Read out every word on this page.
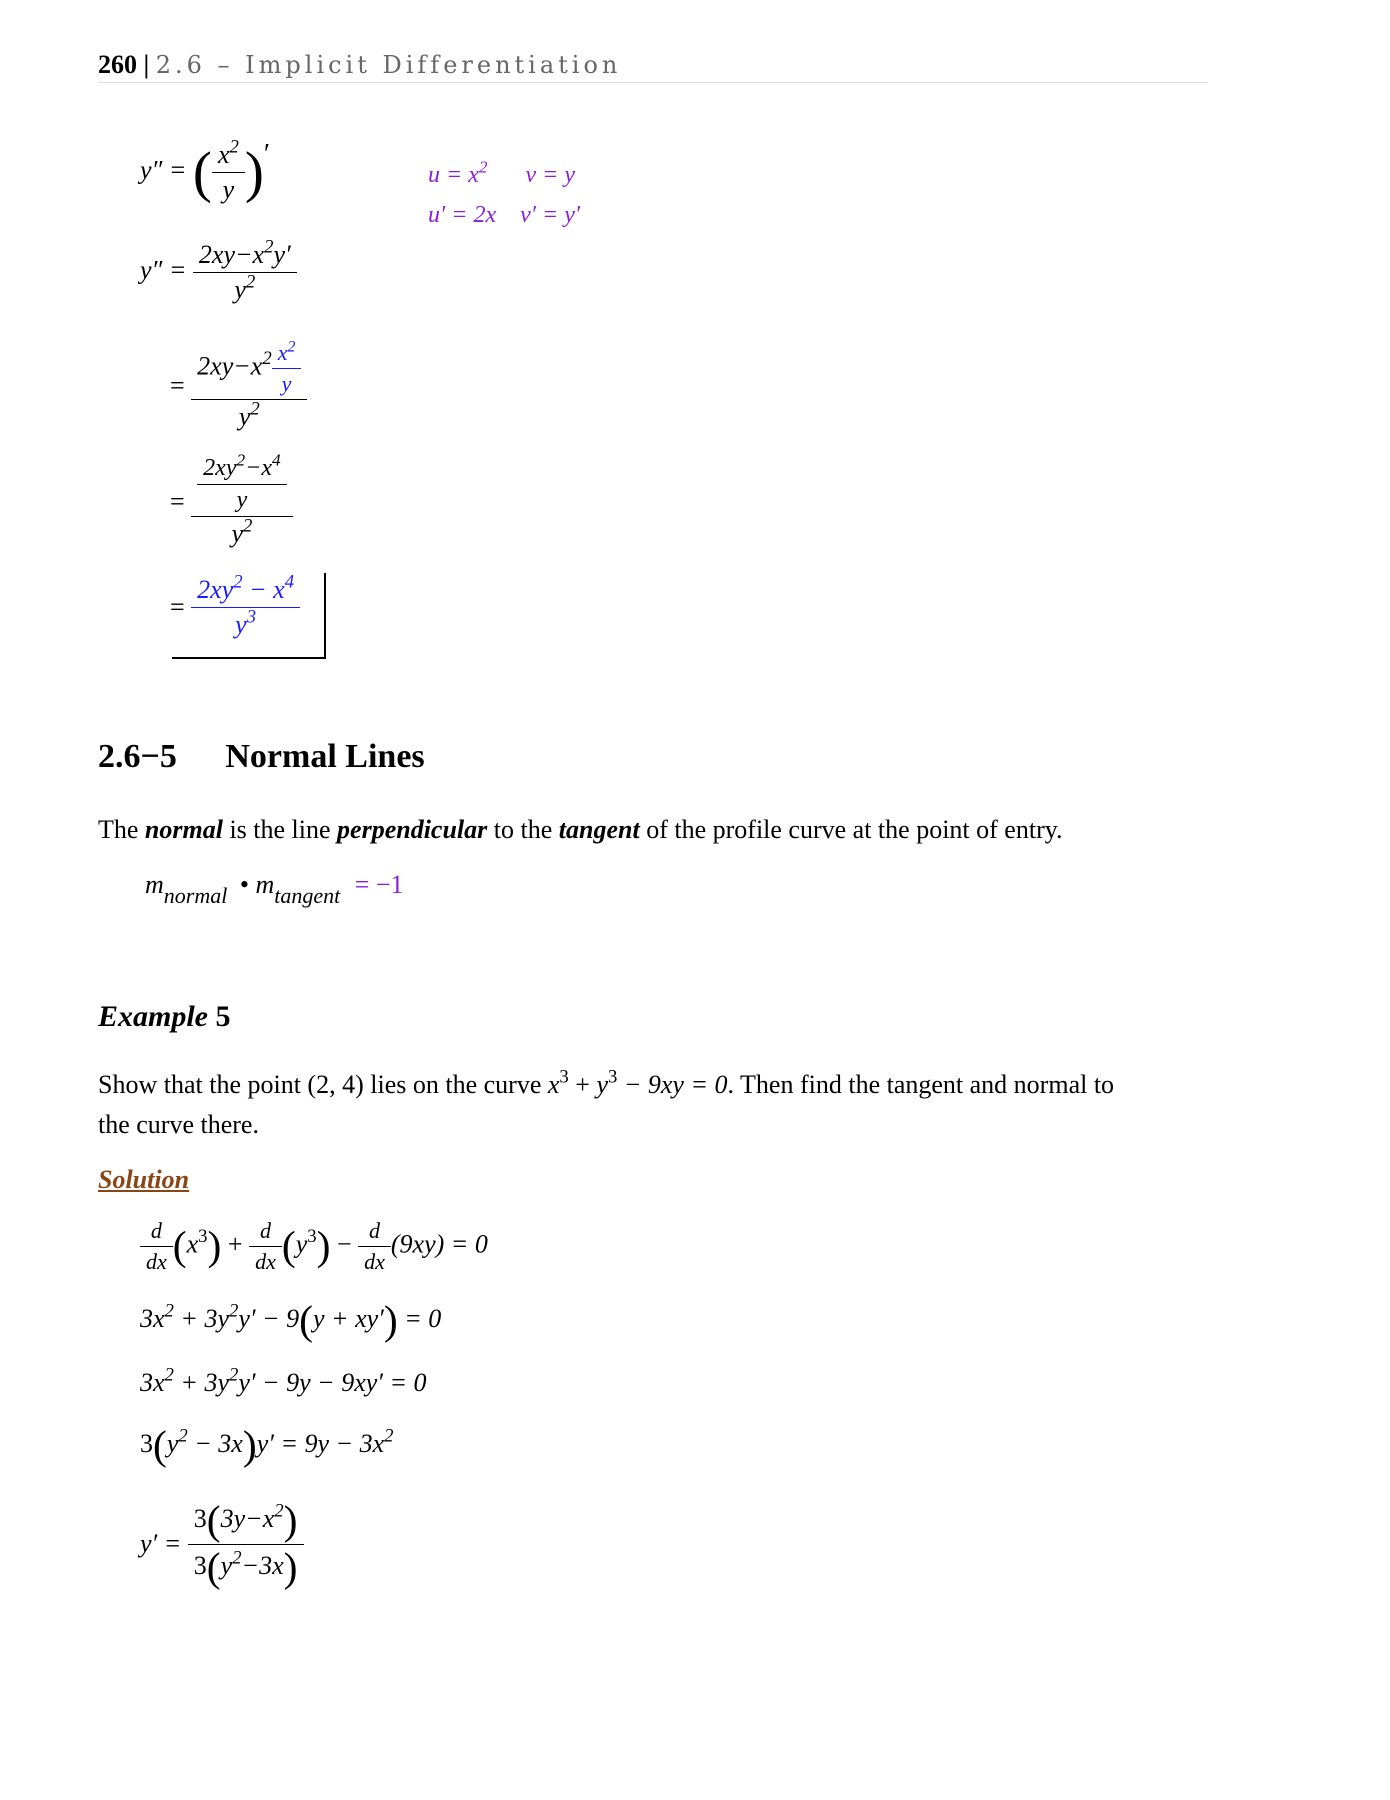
260 | 2.6 – Implicit Differentiation
y″ = ( $\frac{x^2}{y} )'$
$y'' = \frac{2xy-x^2y'}{y^2}$
= $\frac{2xy-x^2 \frac{x^2}{y}}{y^2}$
= $\frac{\frac{2xy^2-x^4}{y}}{y^2}$
= $\frac{2xy^2 - x^4}{y^3}$
$u = x^2$ v = y
u′ = 2x v′ = y′
2.6−5 Normal Lines
The normal is the line perpendicular to the tangent of the profile curve at the point of entry.
$m_{normal}$ • $m_{tangent} = -1$
Example 5
Show that the point (2, 4) lies on the curve $x^3 + y^3 - 9xy = 0$. Then find the tangent and normal to
the curve there.
Solution
$\frac{d}{dx} (x^3) + \frac{d}{dx} (y^3) - \frac{d}{dx} (9xy) = 0$
$3x^2 + 3y^2y' - 9(y + xy') = 0$
$3x^2 + 3y^2y' - 9y - 9xy' = 0$
$3(y^2 - 3x)y' = 9y - 3x^2$
$y' = \frac{3(3y-x^2)}{3(y^2-3x)}$
